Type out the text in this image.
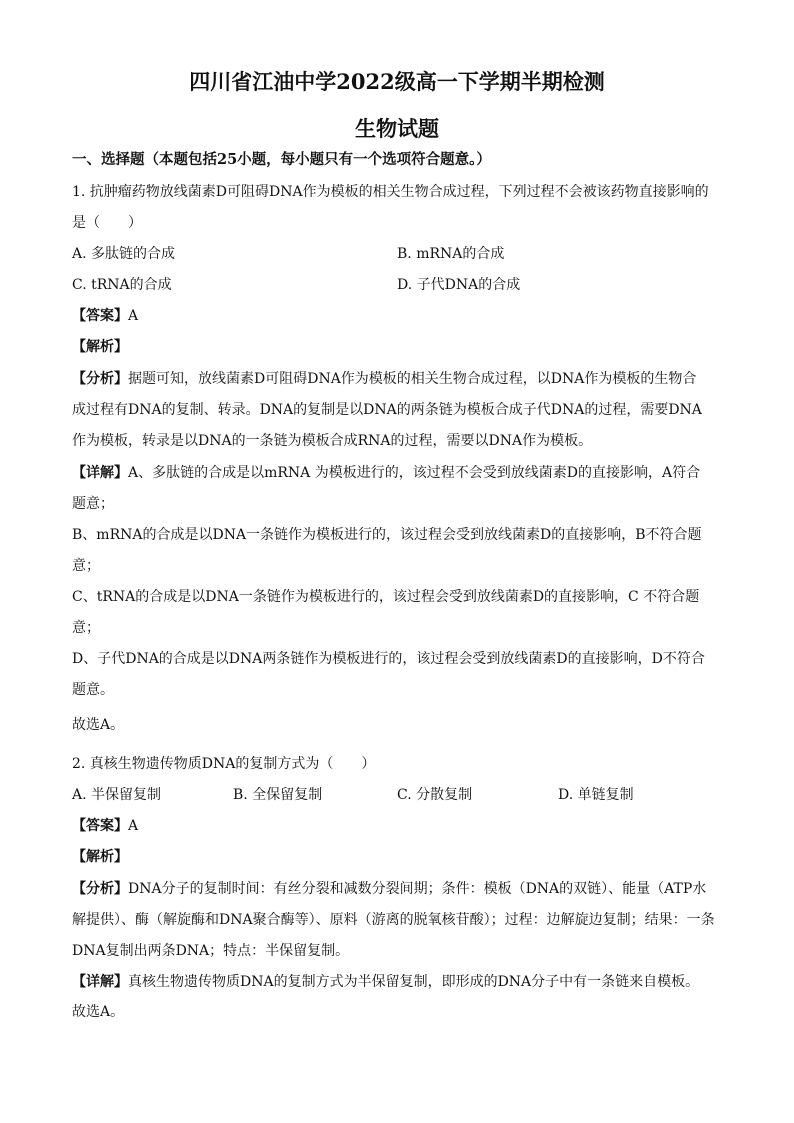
四川省江油中学2022级高一下学期半期检测
生物试题
一、选择题（本题包括25小题，每小题只有一个选项符合题意。）
1. 抗肿瘤药物放线菌素D可阻碍DNA作为模板的相关生物合成过程，下列过程不会被该药物直接影响的
是（　　）
A. 多肽链的合成	B. mRNA的合成
C. tRNA的合成	D. 子代DNA的合成
【答案】A
【解析】
【分析】据题可知，放线菌素D可阻碍DNA作为模板的相关生物合成过程，以DNA作为模板的生物合
成过程有DNA的复制、转录。DNA的复制是以DNA的两条链为模板合成子代DNA的过程，需要DNA
作为模板，转录是以DNA的一条链为模板合成RNA的过程，需要以DNA作为模板。
【详解】A、多肽链的合成是以mRNA 为模板进行的，该过程不会受到放线菌素D的直接影响，A符合
题意；
B、mRNA的合成是以DNA一条链作为模板进行的，该过程会受到放线菌素D的直接影响，B不符合题
意；
C、tRNA的合成是以DNA一条链作为模板进行的，该过程会受到放线菌素D的直接影响，C 不符合题
意；
D、子代DNA的合成是以DNA两条链作为模板进行的，该过程会受到放线菌素D的直接影响，D不符合
题意。
故选A。
2. 真核生物遗传物质DNA的复制方式为（　　）
A. 半保留复制	B. 全保留复制	C. 分散复制	D. 单链复制
【答案】A
【解析】
【分析】DNA分子的复制时间：有丝分裂和减数分裂间期；条件：模板（DNA的双链）、能量（ATP水
解提供）、酶（解旋酶和DNA聚合酶等）、原料（游离的脱氧核苷酸）；过程：边解旋边复制；结果：一条
DNA复制出两条DNA；特点：半保留复制。
【详解】真核生物遗传物质DNA的复制方式为半保留复制，即形成的DNA分子中有一条链来自模板。
故选A。
